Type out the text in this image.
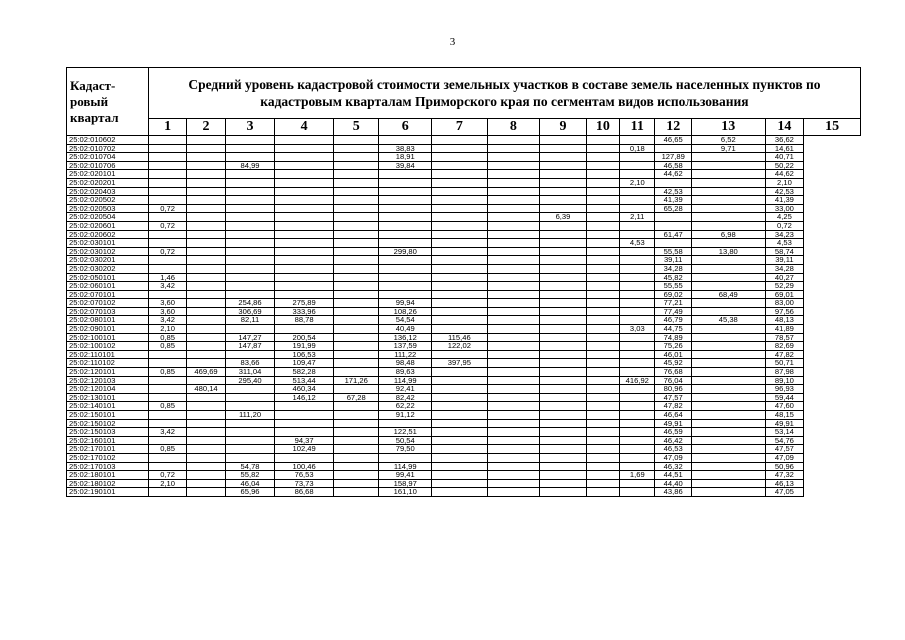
3
Кадаст-
ровый
квартал	Средний уровень кадастровой стоимости земельных участков в составе земель населенных пунктов по кадастровым кварталам Приморского края по сегментам видов использования														
	1	2	3	4	5	6	7	8	9	10	11	12	13	14	15
25:02:010602												46,65	6,52	36,62	
25:02:010702						38,83					0,18		9,71	14,61	
25:02:010704						18,91						127,89		40,71	
25:02:010706			84,99			39,84						46,58		50,22	
25:02:020101												44,62		44,62	
25:02:020201											2,10			2,10	
25:02:020403												42,53		42,53	
25:02:020502												41,39		41,39	
25:02:020503	0,72											65,28		33,00	
25:02:020504									6,39		2,11			4,25	
25:02:020601	0,72													0,72	
25:02:020602												61,47	6,98	34,23	
25:02:030101											4,53			4,53	
25:02:030102	0,72					299,80						55,58	13,80	58,74	
25:02:030201												39,11		39,11	
25:02:030202												34,28		34,28	
25:02:050101	1,46											45,82		40,27	
25:02:060101	3,42											55,55		52,29	
25:02:070101												69,02	68,49	69,01	
25:02:070102	3,60		254,86	275,89		99,94						77,21		83,00	
25:02:070103	3,60		306,69	333,96		108,26						77,49		97,56	
25:02:080101	3,42		82,11	88,78		54,54						46,79	45,38	48,13	
25:02:090101	2,10					40,49					3,03	44,75		41,89	
25:02:100101	0,85		147,27	200,54		136,12	115,46					74,89		78,57	
25:02:100102	0,85		147,87	191,99		137,59	122,02					75,26		82,69	
25:02:110101				106,53		111,22						46,01		47,82	
25:02:110102			83,66	109,47		98,48	397,95					45,92		50,71	
25:02:120101	0,85	469,69	311,04	582,28		89,63						76,68		87,98	
25:02:120103			295,40	513,44	171,26	114,99					416,92	76,04		89,10	
25:02:120104		480,14		460,34		92,41						80,96		96,93	
25:02:130101				146,12	67,28	82,42						47,57		59,44	
25:02:140101	0,85					62,22						47,82		47,60	
25:02:150101			111,20			91,12						46,64		48,15	
25:02:150102												49,91		49,91	
25:02:150103	3,42					122,51						46,59		53,14	
25:02:160101				94,37		50,54						46,42		54,76	
25:02:170101	0,85			102,49		79,50						46,53		47,57	
25:02:170102												47,09		47,09	
25:02:170103			54,78	100,46		114,99						46,32		50,96	
25:02:180101	0,72		55,82	76,53		99,41					1,69	44,51		47,32	
25:02:180102	2,10		46,04	73,73		158,97						44,40		46,13	
25:02:190101			65,96	86,68		161,10						43,86		47,05	
